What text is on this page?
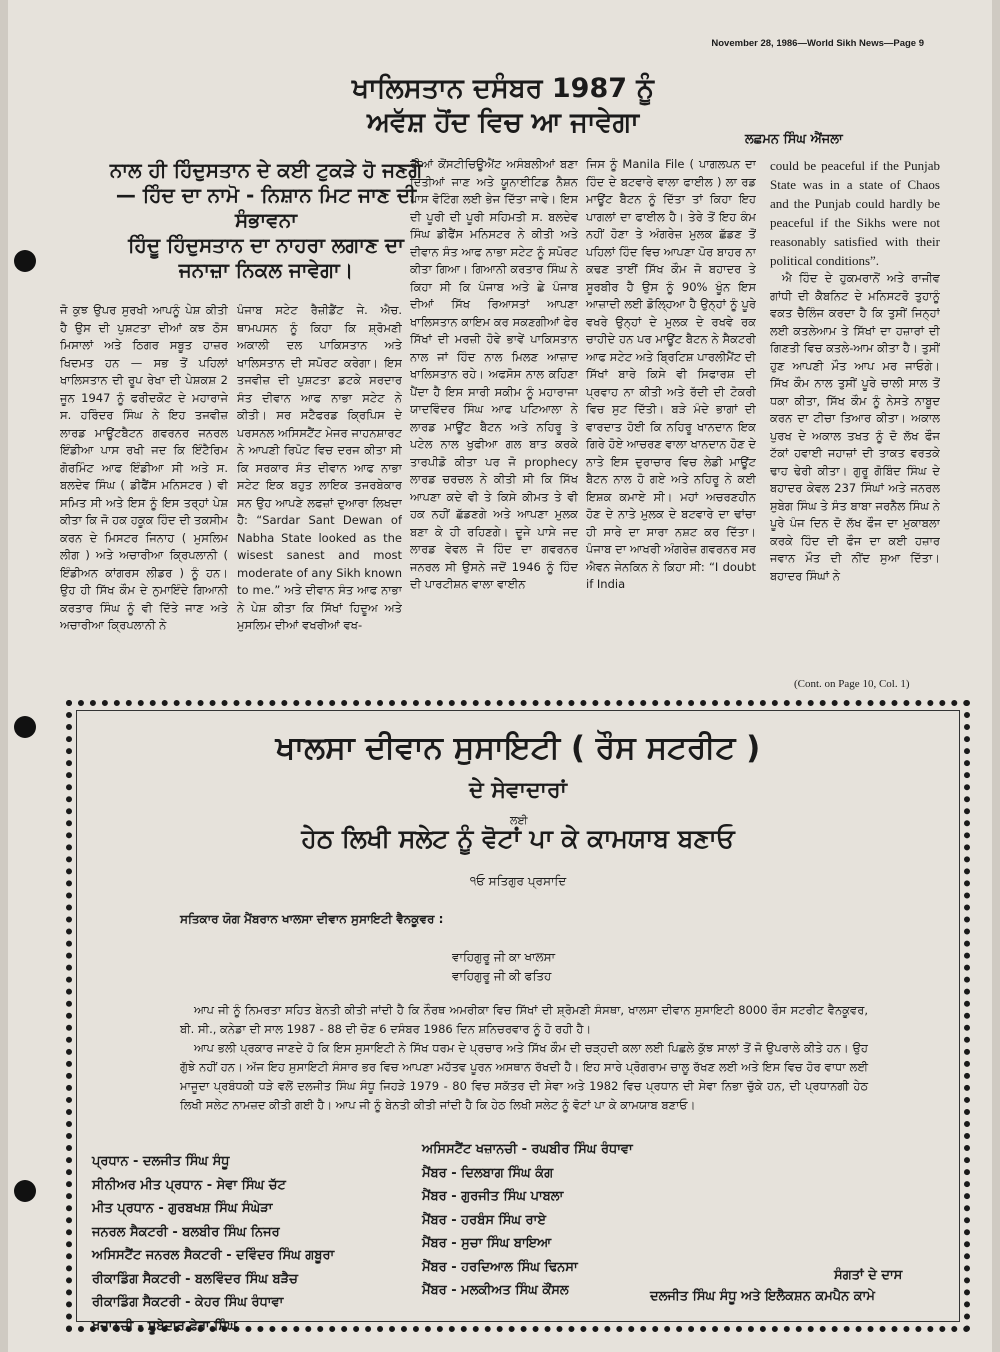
November 28, 1986—World Sikh News—Page 9
ਖਾਲਿਸਤਾਨ ਦਸੰਬਰ 1987 ਨੂੰ
ਅਵੱਸ਼ ਹੋਂਦ ਵਿਚ ਆ ਜਾਵੇਗਾ
ਲਛਮਨ ਸਿੰਘ ਐਂਜਲਾ
ਨਾਲ ਹੀ ਹਿੰਦੁਸਤਾਨ ਦੇ ਕਈ ਟੁਕੜੇ ਹੋ ਜਣਗੇ
— ਹਿੰਦ ਦਾ ਨਾਮੋ - ਨਿਸ਼ਾਨ ਮਿਟ ਜਾਣ ਦੀ
ਸੰਭਾਵਨਾ
ਹਿੰਦੂ ਹਿੰਦੁਸਤਾਨ ਦਾ ਨਾਹਰਾ ਲਗਾਣ ਦਾ
ਜਨਾਜ਼ਾ ਨਿਕਲ ਜਾਵੇਗਾ।

ਜੋ ਕੁਝ ਉਪਰ ਸੁਰਖੀ ਆਪਨੂੰ ਪੇਸ਼ ਕੀਤੀ ਹੈ ਉਸ ਦੀ ਪੁਸ਼ਟਤਾ ਦੀਆਂ ਕਝ ਠੋਸ ਮਿਸਾਲਾਂ ਅਤੇ ਠਿਗਰ ਸਬੂਤ ਹਾਜ਼ਰ ਖਿਦਮਤ ਹਨ — ਸਭ ਤੋਂ ਪਹਿਲਾਂ ਖਾਲਿਸਤਾਨ ਦੀ ਰੂਪ ਰੇਖਾ ਦੀ ਪੇਸ਼ਕਸ਼ 2 ਜੂਨ 1947 ਨੂੰ ਫਰੀਦਕੋਟ ਦੇ ਮਹਾਰਾਜੇ ਸ. ਹਰਿੰਦਰ ਸਿੰਘ ਨੇ ਇਹ ਤਜਵੀਜ਼ ਲਾਰਡ ਮਾਊਂਟਬੈਟਨ ਗਵਰਨਰ ਜਨਰਲ ਇੰਡੀਆ ਪਾਸ ਰਖੀ ਜਦ ਕਿ ਇੰਟੈਰਿਮ ਗੋਰਮਿੰਟ ਆਫ ਇੰਡੀਆ ਸੀ ਅਤੇ ਸ. ਬਲਦੇਵ ਸਿੰਘ ( ਡੀਫੈਂਸ ਮਨਿਸਟਰ ) ਵੀ ਸਮਿਤ ਸੀ ਅਤੇ ਇਸ ਨੂੰ ਇਸ ਤਰ੍ਹਾਂ ਪੇਸ਼ ਕੀਤਾ ਕਿ ਜੋ ਹਕ ਹਕੂਕ ਹਿੰਦ ਦੀ ਤਕਸੀਮ ਕਰਨ ਦੇ ਮਿਸਟਰ ਜਿਨਾਹ ( ਮੁਸਲਿਮ ਲੀਗ ) ਅਤੇ ਅਚਾਰੀਆ ਕ੍ਰਿਪਲਾਨੀ ( ਇੰਡੀਅਨ ਕਾਂਗਰਸ ਲੀਡਰ ) ਨੂੰ ਹਨ। ਉਹ ਹੀ ਸਿੱਖ ਕੌਮ ਦੇ ਨੁਮਾਇੰਦੇ ਗਿਆਨੀ ਕਰਤਾਰ ਸਿੰਘ ਨੂੰ ਵੀ ਦਿੱਤੇ ਜਾਣ ਅਤੇ ਅਚਾਰੀਆ ਕ੍ਰਿਪਲਾਨੀ ਨੇ

ਪੰਜਾਬ ਸਟੇਟ ਰੈਜ਼ੀਡੈਂਟ ਜੇ. ਐਚ. ਥਾਮਪਸਨ ਨੂੰ ਕਿਹਾ ਕਿ ਸ਼੍ਰੋਮਣੀ ਅਕਾਲੀ ਦਲ ਪਾਕਿਸਤਾਨ ਅਤੇ ਖਾਲਿਸਤਾਨ ਦੀ ਸਪੋਰਟ ਕਰੇਗਾ। ਇਸ ਤਜਵੀਜ਼ ਦੀ ਪੁਸ਼ਟਤਾ ਡਟਕੇ ਸਰਦਾਰ ਸੰਤ ਦੀਵਾਨ ਆਫ ਨਾਭਾ ਸਟੇਟ ਨੇ ਕੀਤੀ। ਸਰ ਸਟੈਫਰਡ ਕ੍ਰਿਪਿਸ ਦੇ ਪਰਸਨਲ ਅਸਿਸਟੈਂਟ ਮੇਜਰ ਜਾਹਨਸ਼ਾਰਟ ਨੇ ਆਪਣੀ ਰਿਪੋਟ ਵਿਚ ਦਰਜ ਕੀਤਾ ਸੀ ਕਿ ਸਰਕਾਰ ਸੰਤ ਦੀਵਾਨ ਆਫ ਨਾਭਾ ਸਟੇਟ ਇਕ ਬਹੁਤ ਲਾਇਕ ਤਜਰਬੇਕਾਰ ਸਨ ਉਹ ਆਪਣੇ ਲਫਜ਼ਾਂ ਦੁਆਰਾ ਲਿਖਦਾ ਹੈ: “Sardar Sant Dewan of Nabha State looked as the wisest sanest and most moderate of any Sikh known to me.” ਅਤੇ ਦੀਵਾਨ ਸੰਤ ਆਫ ਨਾਭਾ ਨੇ ਪੇਸ਼ ਕੀਤਾ ਕਿ ਸਿੱਖਾਂ ਹਿਦੂਅ ਅਤੇ ਮੁਸਲਿਮ ਦੀਆਂ ਵਖਰੀਆਂ ਵਖ-

ਰੀਆਂ ਕੋਂਸਟੀਚਿਊਐਂਟ ਅਸੰਬਲੀਆਂ ਬਣਾ ਦਿਤੀਆਂ ਜਾਣ ਅਤੇ ਯੂਨਾਈਟਿਡ ਨੈਸ਼ਨ ਪਾਸ ਵੋਟਿੰਗ ਲਈ ਭੇਜ ਦਿੱਤਾ ਜਾਵੇ। ਇਸ ਦੀ ਪੂਰੀ ਦੀ ਪੂਰੀ ਸਹਿਮਤੀ ਸ. ਬਲਦੇਵ ਸਿੰਘ ਡੀਫੈਂਸ ਮਨਿਸਟਰ ਨੇ ਕੀਤੀ ਅਤੇ ਦੀਵਾਨ ਸੰਤ ਆਫ ਨਾਭਾ ਸਟੇਟ ਨੂੰ ਸਪੋਰਟ ਕੀਤਾ ਗਿਆ। ਗਿਆਨੀ ਕਰਤਾਰ ਸਿੰਘ ਨੇ ਕਿਹਾ ਸੀ ਕਿ ਪੰਜਾਬ ਅਤੇ ਛੇ ਪੰਜਾਬ ਦੀਆਂ ਸਿੱਖ ਰਿਆਸਤਾਂ ਆਪਣਾ ਖਾਲਿਸਤਾਨ ਕਾਇਮ ਕਰ ਸਕਣਗੀਆਂ ਫੇਰ ਸਿੱਖਾਂ ਦੀ ਮਰਜ਼ੀ ਹੋਵੇ ਭਾਵੇਂ ਪਾਕਿਸਤਾਨ ਨਾਲ ਜਾਂ ਹਿੰਦ ਨਾਲ ਮਿਲਣ ਆਜ਼ਾਦ ਖਾਲਿਸਤਾਨ ਰਹੇ। ਅਫਸੋਸ ਨਾਲ ਕਹਿਣਾ ਪੈਂਦਾ ਹੈ ਇਸ ਸਾਰੀ ਸਕੀਮ ਨੂੰ ਮਹਾਰਾਜਾ ਯਾਦਵਿੰਦਰ ਸਿੰਘ ਆਫ ਪਟਿਆਲਾ ਨੇ ਲਾਰਡ ਮਾਊਂਟ ਬੈਟਨ ਅਤੇ ਨਹਿਰੂ ਤੇ ਪਟੇਲ ਨਾਲ ਖੁਫੀਆ ਗਲ ਬਾਤ ਕਰਕੇ ਤਾਰਪੀਡੋ ਕੀਤਾ ਪਰ ਜੋ prophecy ਲਾਰਡ ਚਰਚਲ ਨੇ ਕੀਤੀ ਸੀ ਕਿ ਸਿੱਖ ਆਪਣਾ ਕਦੇ ਵੀ ਤੇ ਕਿਸੇ ਕੀਮਤ ਤੇ ਵੀ ਹਕ ਨਹੀਂ ਛੱਡਣਗੇ ਅਤੇ ਆਪਣਾ ਮੁਲਕ ਬਣਾ ਕੇ ਹੀ ਰਹਿਣਗੇ। ਦੂਜੇ ਪਾਸੇ ਜਦ ਲਾਰਡ ਵੇਵਲ ਜੋ ਹਿੰਦ ਦਾ ਗਵਰਨਰ ਜਨਰਲ ਸੀ ਉਸਨੇ ਜਦੋਂ 1946 ਨੂੰ ਹਿੰਦ ਦੀ ਪਾਰਟੀਸ਼ਨ ਵਾਲਾ ਵਾਈਨ

ਜਿਸ ਨੂੰ Manila File ( ਪਾਗਲਪਨ ਦਾ ਹਿੰਦ ਦੇ ਬਟਵਾਰੇ ਵਾਲਾ ਫਾਈਲ ) ਲਾ ਰਡ ਮਾਊਂਟ ਬੈਟਨ ਨੂੰ ਦਿੱਤਾ ਤਾਂ ਕਿਹਾ ਇਹ ਪਾਗਲਾਂ ਦਾ ਫਾਈਲ ਹੈ। ਤੇਰੇ ਤੋਂ ਇਹ ਕੰਮ ਨਹੀਂ ਹੋਣਾ ਤੇ ਅੰਗਰੇਜ਼ ਮੁਲਕ ਛੱਡਣ ਤੋਂ ਪਹਿਲਾਂ ਹਿੰਦ ਵਿਚ ਆਪਣਾ ਪੋਰ ਬਾਹਰ ਨਾ ਕਢਣ ਤਾਈਂ ਸਿੱਖ ਕੌਮ ਜੋ ਬਹਾਦਰ ਤੇ ਸੂਰਬੀਰ ਹੈ ਉਸ ਨੂੰ 90% ਖੂੰਨ ਇਸ ਆਜ਼ਾਦੀ ਲਈ ਡੋਲ੍ਹਿਆ ਹੈ ਉਨ੍ਹਾਂ ਨੂੰ ਪੂਰੇ ਵਖਰੇ ਉਨ੍ਹਾਂ ਦੇ ਮੁਲਕ ਦੇ ਰਖਵੇ ਰਕ ਚਾਹੀਦੇ ਹਨ ਪਰ ਮਾਊਂਟ ਬੈਟਨ ਨੇ ਸੈਕਟਰੀ ਆਫ ਸਟੇਟ ਅਤੇ ਬ੍ਰਿਟਿਸ਼ ਪਾਰਲੀਮੈਂਟ ਦੀ ਸਿੱਖਾਂ ਬਾਰੇ ਕਿਸੇ ਵੀ ਸਿਫਾਰਸ਼ ਦੀ ਪ੍ਰਵਾਹ ਨਾ ਕੀਤੀ ਅਤੇ ਰੱਦੀ ਦੀ ਟੋਕਰੀ ਵਿਚ ਸੁਟ ਦਿੱਤੀ। ਬੜੇ ਮੰਦੇ ਭਾਗਾਂ ਦੀ ਵਾਰਦਾਤ ਹੋਈ ਕਿ ਨਹਿਰੂ ਖਾਨਦਾਨ ਇਕ ਗਿਰੇ ਹੋਏ ਆਚਰਣ ਵਾਲਾ ਖਾਨਦਾਨ ਹੋਣ ਦੇ ਨਾਤੇ ਇਸ ਦੁਰਾਚਾਰ ਵਿਚ ਲੇਡੀ ਮਾਊਂਟ ਬੈਟਨ ਨਾਲ ਹੋ ਗਏ ਅਤੇ ਨਹਿਰੂ ਨੇ ਕਈ ਇਸ਼ਕ ਕਮਾਏ ਸੀ। ਮਹਾਂ ਅਚਰਣਹੀਨ ਹੋਣ ਦੇ ਨਾਤੇ ਮੁਲਕ ਦੇ ਬਟਵਾਰੇ ਦਾ ਢਾਂਚਾ ਹੀ ਸਾਰੇ ਦਾ ਸਾਰਾ ਨਸ਼ਟ ਕਰ ਦਿੱਤਾ। ਪੰਜਾਬ ਦਾ ਆਖਰੀ ਅੰਗਰੇਜ਼ ਗਵਰਨਰ ਸਰ ਐਵਨ ਜੇਨਕਿਨ ਨੇ ਕਿਹਾ ਸੀ: “I doubt if India

could be peaceful if the Punjab State was in a state of Chaos and the Punjab could hardly be peaceful if the Sikhs were not reasonably satisfied with their political conditions”.

ਐ ਹਿੰਦ ਦੇ ਹੁਕਮਰਾਨੋਂ ਅਤੇ ਰਾਜੀਵ ਗਾਂਧੀ ਦੀ ਕੈਬਨਿਟ ਦੇ ਮਨਿਸਟਰੋ ਤੁਹਾਨੂੰ ਵਕਤ ਚੈਲਿੰਜ ਕਰਦਾ ਹੈ ਕਿ ਤੁਸੀਂ ਜਿਨ੍ਹਾਂ ਲਈ ਕਤਲੇਆਮ ਤੇ ਸਿੱਖਾਂ ਦਾ ਹਜ਼ਾਰਾਂ ਦੀ ਗਿਣਤੀ ਵਿਚ ਕਤਲੇ-ਆਮ ਕੀਤਾ ਹੈ। ਤੁਸੀਂ ਹੁਣ ਆਪਣੀ ਮੌਤ ਆਪ ਮਰ ਜਾਓਗੇ। ਸਿੱਖ ਕੌਮ ਨਾਲ ਤੁਸੀਂ ਪੂਰੇ ਚਾਲੀ ਸਾਲ ਤੋਂ ਧਕਾ ਕੀਤਾ, ਸਿੱਖ ਕੌਮ ਨੂੰ ਨੇਸਤੇ ਨਾਬੂਦ ਕਰਨ ਦਾ ਟੀਚਾ ਤਿਆਰ ਕੀਤਾ। ਅਕਾਲ ਪੁਰਖ ਦੇ ਅਕਾਲ ਤਖਤ ਨੂੰ ਦੋ ਲੱਖ ਫੌਜ ਟੱਕਾਂ ਹਵਾਈ ਜਹਾਜ਼ਾਂ ਦੀ ਤਾਕਤ ਵਰਤਕੇ ਢਾਹ ਢੇਰੀ ਕੀਤਾ। ਗੁਰੂ ਗੋਬਿੰਦ ਸਿੰਘ ਦੇ ਬਹਾਦਰ ਕੇਵਲ 237 ਸਿੰਘਾਂ ਅਤੇ ਜਨਰਲ ਸੁਬੇਗ ਸਿੰਘ ਤੇ ਸੰਤ ਬਾਬਾ ਜਰਨੈਲ ਸਿੰਘ ਨੇ ਪੂਰੇ ਪੰਜ ਦਿਨ ਦੋ ਲੱਖ ਫੌਜ ਦਾ ਮੁਕਾਬਲਾ ਕਰਕੇ ਹਿੰਦ ਦੀ ਫੌਜ ਦਾ ਕਈ ਹਜ਼ਾਰ ਜਵਾਨ ਮੌਤ ਦੀ ਨੀਂਦ ਸੁਆ ਦਿੱਤਾ। ਬਹਾਦਰ ਸਿੰਘਾਂ ਨੇ

(Cont. on Page 10, Col. 1)
ਖਾਲਸਾ ਦੀਵਾਨ ਸੁਸਾਇਟੀ ( ਰੌਸ ਸਟਰੀਟ )
ਦੇ ਸੇਵਾਦਾਰਾਂ
ਲਈ
ਹੇਠ ਲਿਖੀ ਸਲੇਟ ਨੂੰ ਵੋਟਾਂ ਪਾ ਕੇ ਕਾਮਯਾਬ ਬਣਾਓ
੧ਓ ਸਤਿਗੁਰ ਪ੍ਰਸਾਦਿ
ਸਤਿਕਾਰ ਯੋਗ ਮੈਂਬਰਾਨ ਖਾਲਸਾ ਦੀਵਾਨ ਸੁਸਾਇਟੀ ਵੈਨਕੂਵਰ :
ਵਾਹਿਗੁਰੂ ਜੀ ਕਾ ਖਾਲਸਾ
ਵਾਹਿਗੁਰੂ ਜੀ ਕੀ ਫਤਿਹ

ਆਪ ਜੀ ਨੂੰ ਨਿਮਰਤਾ ਸਹਿਤ ਬੇਨਤੀ ਕੀਤੀ ਜਾਂਦੀ ਹੈ ਕਿ ਨੌਰਥ ਅਮਰੀਕਾ ਵਿਚ ਸਿੱਖਾਂ ਦੀ ਸ਼੍ਰੋਮਣੀ ਸੰਸਥਾ, ਖਾਲਸਾ ਦੀਵਾਨ ਸੁਸਾਇਟੀ 8000 ਰੌਸ ਸਟਰੀਟ ਵੈਨਕੂਵਰ, ਬੀ. ਸੀ., ਕਨੇਡਾ ਦੀ ਸਾਲ 1987 - 88 ਦੀ ਚੋਣ 6 ਦਸੰਬਰ 1986 ਦਿਨ ਸ਼ਨਿਚਰਵਾਰ ਨੂੰ ਹੋ ਰਹੀ ਹੈ।

ਆਪ ਭਲੀ ਪ੍ਰਕਾਰ ਜਾਣਦੇ ਹੋ ਕਿ ਇਸ ਸੁਸਾਇਟੀ ਨੇ ਸਿੱਖ ਧਰਮ ਦੇ ਪ੍ਰਚਾਰ ਅਤੇ ਸਿੱਖ ਕੌਮ ਦੀ ਚੜ੍ਹਦੀ ਕਲਾ ਲਈ ਪਿਛਲੇ ਕੁੱਝ ਸਾਲਾਂ ਤੋਂ ਜੋ ਉਪਰਾਲੇ ਕੀਤੇ ਹਨ। ਉਹ ਗੁੱਝੇ ਨਹੀਂ ਹਨ। ਅੱਜ ਇਹ ਸੁਸਾਇਟੀ ਸੰਸਾਰ ਭਰ ਵਿਚ ਆਪਣਾ ਮਹੱਤਵ ਪੂਰਨ ਅਸਥਾਨ ਰੱਖਦੀ ਹੈ। ਇਹ ਸਾਰੇ ਪ੍ਰੋਗਰਾਮ ਚਾਲੂ ਰੱਖਣ ਲਈ ਅਤੇ ਇਸ ਵਿਚ ਹੋਰ ਵਾਧਾ ਲਈ ਮਾਜੂਦਾ ਪ੍ਰਬੰਧਕੀ ਧੜੇ ਵਲੋਂ ਦਲਜੀਤ ਸਿੰਘ ਸੰਧੂ ਜਿਹੜੇ 1979 - 80 ਵਿਚ ਸਕੱਤਰ ਦੀ ਸੇਵਾ ਅਤੇ 1982 ਵਿਚ ਪ੍ਰਧਾਨ ਦੀ ਸੇਵਾ ਨਿਭਾ ਚੁੱਕੇ ਹਨ, ਦੀ ਪ੍ਰਧਾਨਗੀ ਹੇਠ ਲਿਖੀ ਸਲੇਟ ਨਾਮਜ਼ਦ ਕੀਤੀ ਗਈ ਹੈ। ਆਪ ਜੀ ਨੂੰ ਬੇਨਤੀ ਕੀਤੀ ਜਾਂਦੀ ਹੈ ਕਿ ਹੇਠ ਲਿਖੀ ਸਲੇਟ ਨੂੰ ਵੋਟਾਂ ਪਾ ਕੇ ਕਾਮਯਾਬ ਬਣਾਓ।

ਪ੍ਰਧਾਨ - ਦਲਜੀਤ ਸਿੰਘ ਸੰਧੂ
ਸੀਨੀਅਰ ਮੀਤ ਪ੍ਰਧਾਨ - ਸੇਵਾ ਸਿੰਘ ਚੱਟ
ਮੀਤ ਪ੍ਰਧਾਨ - ਗੁਰਬਖਸ਼ ਸਿੰਘ ਸੰਘੇੜਾ
ਜਨਰਲ ਸੈਕਟਰੀ - ਬਲਬੀਰ ਸਿੰਘ ਨਿਜਰ
ਅਸਿਸਟੈਂਟ ਜਨਰਲ ਸੈਕਟਰੀ - ਦਵਿੰਦਰ ਸਿੰਘ ਗਬੂਰਾ
ਰੀਕਾਡਿੰਗ ਸੈਕਟਰੀ - ਬਲਵਿੰਦਰ ਸਿੰਘ ਬੜੈਚ
ਰੀਕਾਡਿੰਗ ਸੈਕਟਰੀ - ਕੇਹਰ ਸਿੰਘ ਰੰਧਾਵਾ
ਖਜ਼ਾਨਚੀ - ਸੂਬੇਦਾਰ ਫੇਰਾ ਸਿੰਘ
ਅਸਿਸਟੈਂਟ ਖਜ਼ਾਨਚੀ - ਰਘਬੀਰ ਸਿੰਘ ਰੰਧਾਵਾ
ਮੈਂਬਰ - ਦਿਲਬਾਗ ਸਿੰਘ ਕੰਗ
ਮੈਂਬਰ - ਗੁਰਜੀਤ ਸਿੰਘ ਪਾਬਲਾ
ਮੈਂਬਰ - ਹਰਬੰਸ ਸਿੰਘ ਰਾਏ
ਮੈਂਬਰ - ਸੁਚਾ ਸਿੰਘ ਬਾਇਆ
ਮੈਂਬਰ - ਹਰਦਿਆਲ ਸਿੰਘ ਢਿਨਸਾ
ਮੈਂਬਰ - ਮਲਕੀਅਤ ਸਿੰਘ ਕੌਂਸਲ
ਸੰਗਤਾਂ ਦੇ ਦਾਸ
ਦਲਜੀਤ ਸਿੰਘ ਸੰਧੂ ਅਤੇ ਇਲੈਕਸ਼ਨ ਕਮਪੈਨ ਕਾਮੇ
